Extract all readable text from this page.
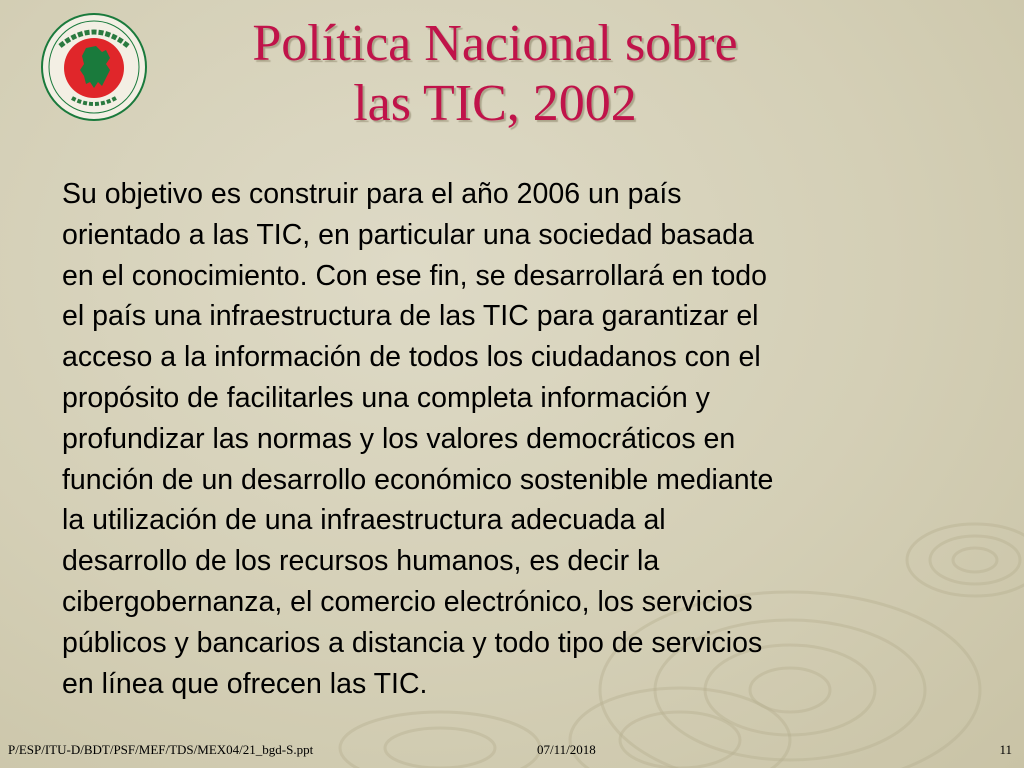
Política Nacional sobre
las TIC, 2002
Su objetivo es construir para el año 2006 un país
orientado a las TIC, en particular una sociedad basada
en el conocimiento. Con ese fin, se desarrollará en todo
el país una infraestructura de las TIC para garantizar el
acceso a la información de todos los ciudadanos con el
propósito de facilitarles una completa información y
profundizar las normas y los valores democráticos en
función de un desarrollo económico sostenible mediante
la utilización de una infraestructura adecuada al
desarrollo de los recursos humanos, es decir la
cibergobernanza, el comercio electrónico, los servicios
públicos y bancarios a distancia y todo tipo de servicios
en línea que ofrecen las TIC.
P/ESP/ITU-D/BDT/PSF/MEF/TDS/MEX04/21_bgd-S.ppt	07/11/2018	11
